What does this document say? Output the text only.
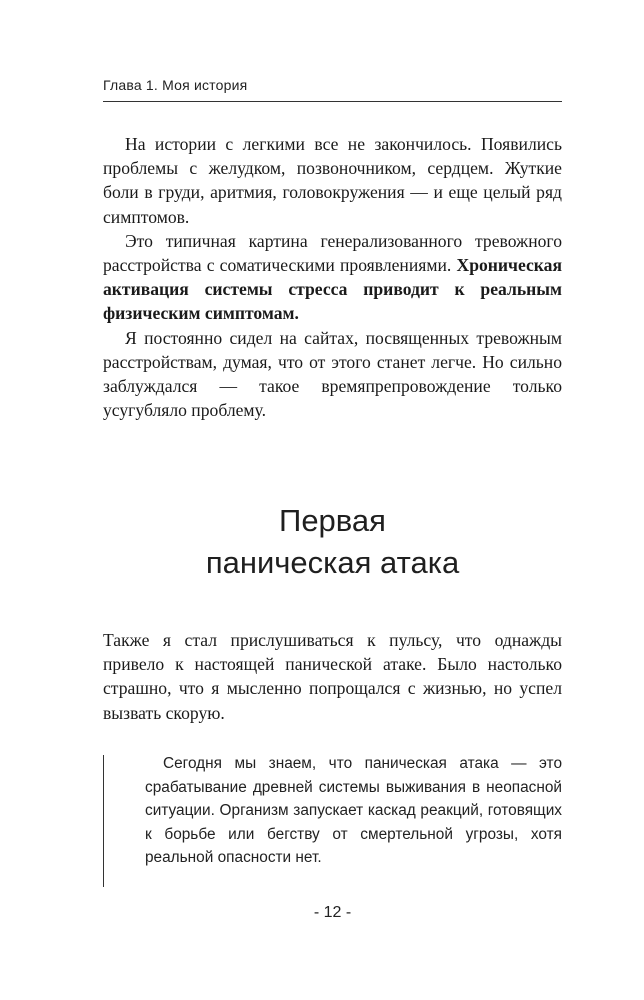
Глава 1. Моя история

На истории с легкими все не закончилось. Появились проблемы с желудком, позвоночником, сердцем. Жуткие боли в груди, аритмия, головокружения — и еще целый ряд симптомов.

Это типичная картина генерализованного тревожного расстройства с соматическими проявлениями. Хроническая активация системы стресса приводит к реальным физическим симптомам.

Я постоянно сидел на сайтах, посвященных тревожным расстройствам, думая, что от этого станет легче. Но сильно заблуждался — такое времяпрепровождение только усугубляло проблему.

Первая
паническая атака

Также я стал прислушиваться к пульсу, что однажды привело к настоящей панической атаке. Было настолько страшно, что я мысленно попрощался с жизнью, но успел вызвать скорую.

Сегодня мы знаем, что паническая атака — это срабатывание древней системы выживания в неопасной ситуации. Организм запускает каскад реакций, готовящих к борьбе или бегству от смертельной угрозы, хотя реальной опасности нет.

- 12 -
